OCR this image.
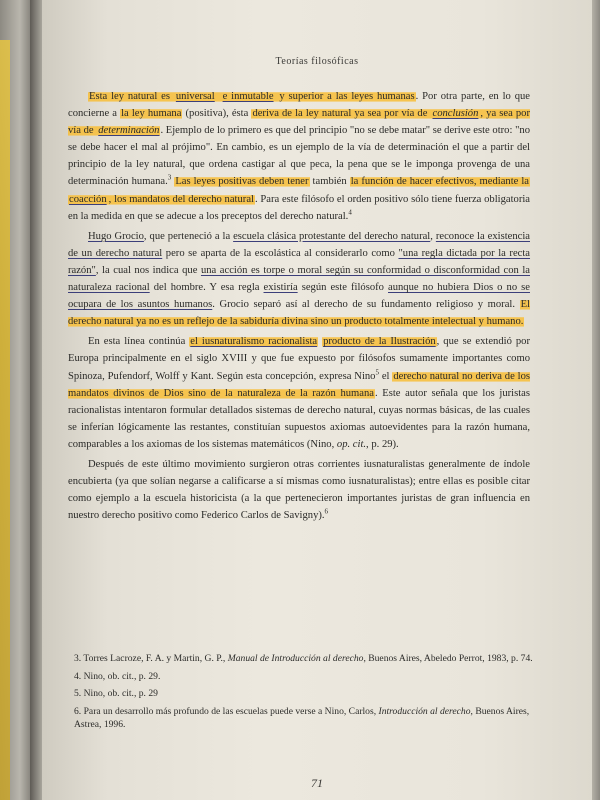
Teorías filosóficas

Esta ley natural es universal e inmutable y superior a las leyes humanas. Por otra parte, en lo que concierne a la ley humana (positiva), ésta deriva de la ley natural ya sea por vía de conclusión , ya sea por vía de determinación. Ejemplo de lo primero es que del principio "no se debe matar" se derive este otro: "no se debe hacer el mal al prójimo". En cambio, es un ejemplo de la vía de determinación el que a partir del principio de la ley natural, que ordena castigar al que peca, la pena que se le imponga provenga de una determinación humana.$^3$ Las leyes positivas deben tener también la función de hacer efectivos, mediante la coacción , los mandatos del derecho natural. Para este filósofo el orden positivo sólo tiene fuerza obligatoria en la medida en que se adecue a los preceptos del derecho natural.$^4$

Hugo Grocio, que perteneció a la escuela clásica protestante del derecho natural, reconoce la existencia de un derecho natural pero se aparta de la escolástica al considerarlo como "una regla dictada por la recta razón", la cual nos indica que una acción es torpe o moral según su conformidad o disconformidad con la naturaleza racional del hombre. Y esa regla existiría según este filósofo aunque no hubiera Dios o no se ocupara de los asuntos humanos. Grocio separó así al derecho de su fundamento religioso y moral. El derecho natural ya no es un reflejo de la sabiduría divina sino un producto totalmente intelectual y humano.

En esta línea continúa el iusnaturalismo racionalista producto de la Ilustración, que se extendió por Europa principalmente en el siglo XVIII y que fue expuesto por filósofos sumamente importantes como Spinoza, Pufendorf, Wolff y Kant. Según esta concepción, expresa Nino$^5$ el derecho natural no deriva de los mandatos divinos de Dios sino de la naturaleza de la razón humana. Este autor señala que los juristas racionalistas intentaron formular detallados sistemas de derecho natural, cuyas normas básicas, de las cuales se inferían lógicamente las restantes, constituían supuestos axiomas autoevidentes para la razón humana, comparables a los axiomas de los sistemas matemáticos (Nino, op. cit., p. 29).

Después de este último movimiento surgieron otras corrientes iusnaturalistas generalmente de índole encubierta (ya que solían negarse a calificarse a sí mismas como iusnaturalistas); entre ellas es posible citar como ejemplo a la escuela historicista (a la que pertenecieron importantes juristas de gran influencia en nuestro derecho positivo como Federico Carlos de Savigny).$^6$

3. Torres Lacroze, F. A. y Martin, G. P., Manual de Introducción al derecho, Buenos Aires, Abeledo Perrot, 1983, p. 74.
4. Nino, ob. cit., p. 29.
5. Nino, ob. cit., p. 29
6. Para un desarrollo más profundo de las escuelas puede verse a Nino, Carlos, Introducción al derecho, Buenos Aires, Astrea, 1996.
71
